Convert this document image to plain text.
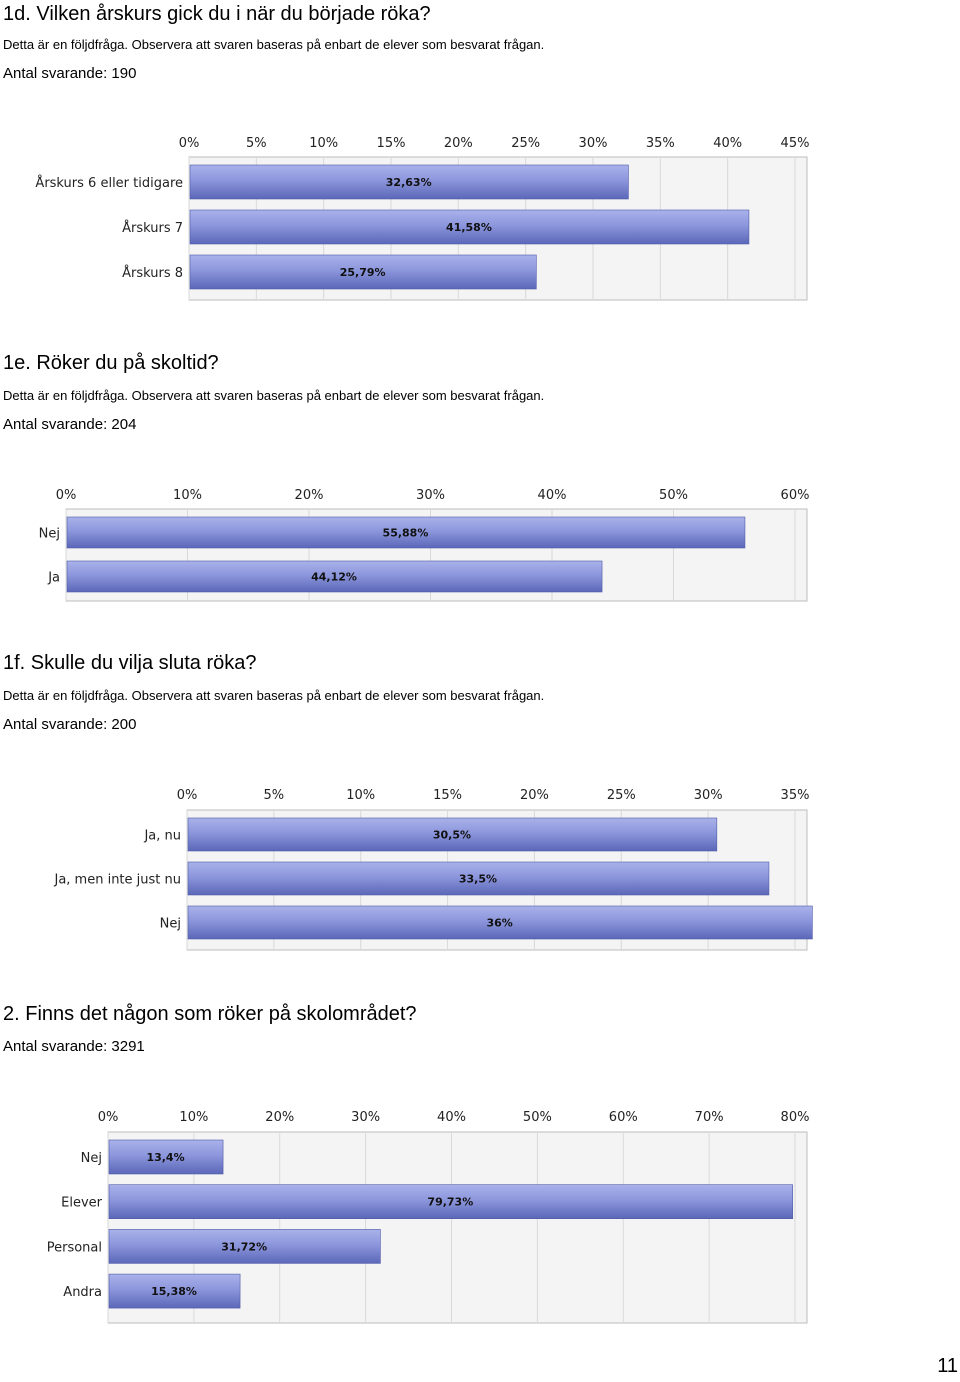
1d. Vilken årskurs gick du i när du började röka?
Detta är en följdfråga. Observera att svaren baseras på enbart de elever som besvarat frågan.
Antal svarande: 190
0%	5%	10%	15%	20%	25%	30%	35%	40%	45%
Årskurs 6 eller tidigare	32,63%
Årskurs 7	41,58%
Årskurs 8	25,79%
1e. Röker du på skoltid?
Detta är en följdfråga. Observera att svaren baseras på enbart de elever som besvarat frågan.
Antal svarande: 204
0%	10%	20%	30%	40%	50%	60%
Nej	55,88%
Ja	44,12%
1f. Skulle du vilja sluta röka?
Detta är en följdfråga. Observera att svaren baseras på enbart de elever som besvarat frågan.
Antal svarande: 200
0%	5%	10%	15%	20%	25%	30%	35%
Ja, nu	30,5%
Ja, men inte just nu	33,5%
Nej	36%
2. Finns det någon som röker på skolområdet?
Antal svarande: 3291
0%	10%	20%	30%	40%	50%	60%	70%	80%
Nej	13,4%
Elever	79,73%
Personal	31,72%
Andra	15,38%
11
